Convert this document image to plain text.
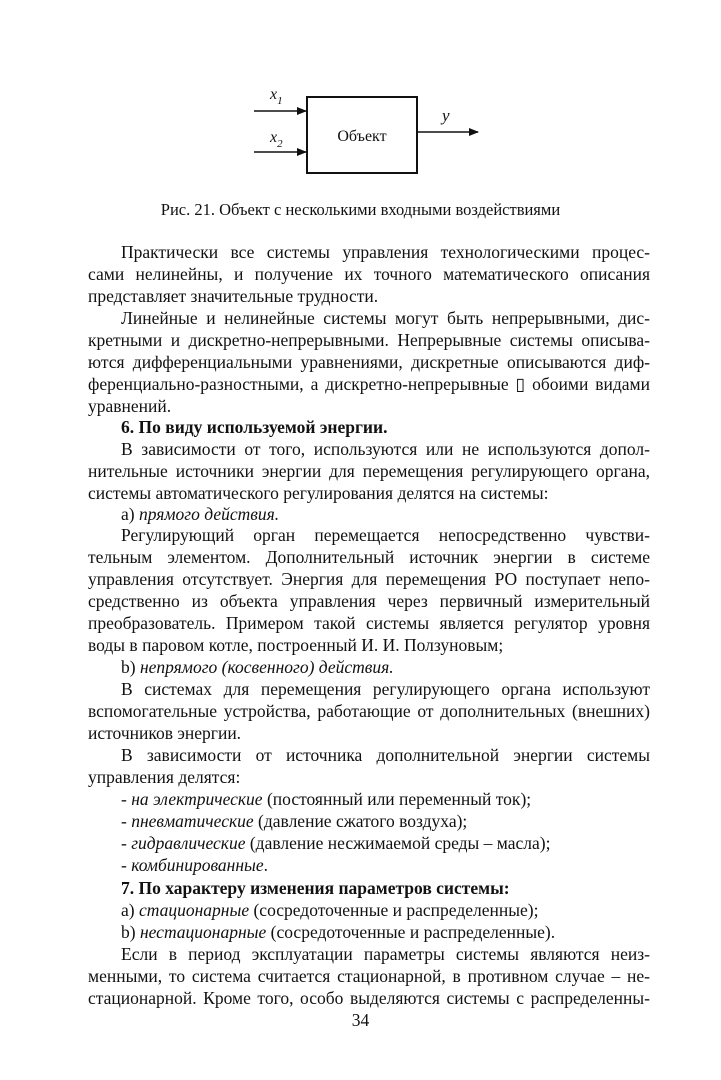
Объект
$x_1$
$x_2$
y
Рис. 21. Объект с несколькими входными воздействиями
Практически все системы управления технологическими процес-
сами нелинейны, и получение их точного математического описания
представляет значительные трудности.
Линейные и нелинейные системы могут быть непрерывными, дис-
кретными и дискретно-непрерывными. Непрерывные системы описыва-
ются дифференциальными уравнениями, дискретные описываются диф-
ференциально-разностными, а дискретно-непрерывные ▯ обоими видами
уравнений.
6. По виду используемой энергии.
В зависимости от того, используются или не используются допол-
нительные источники энергии для перемещения регулирующего органа,
системы автоматического регулирования делятся на системы:
a) прямого действия.
Регулирующий орган перемещается непосредственно чувстви-
тельным элементом. Дополнительный источник энергии в системе
управления отсутствует. Энергия для перемещения РО поступает непо-
средственно из объекта управления через первичный измерительный
преобразователь. Примером такой системы является регулятор уровня
воды в паровом котле, построенный И. И. Ползуновым;
b) непрямого (косвенного) действия.
В системах для перемещения регулирующего органа используют
вспомогательные устройства, работающие от дополнительных (внешних)
источников энергии.
В зависимости от источника дополнительной энергии системы
управления делятся:
- на электрические (постоянный или переменный ток);
- пневматические (давление сжатого воздуха);
- гидравлические (давление несжимаемой среды – масла);
- комбинированные.
7. По характеру изменения параметров системы:
a) стационарные (сосредоточенные и распределенные);
b) нестационарные (сосредоточенные и распределенные).
Если в период эксплуатации параметры системы являются неиз-
менными, то система считается стационарной, в противном случае – не-
стационарной. Кроме того, особо выделяются системы с распределенны-
34
